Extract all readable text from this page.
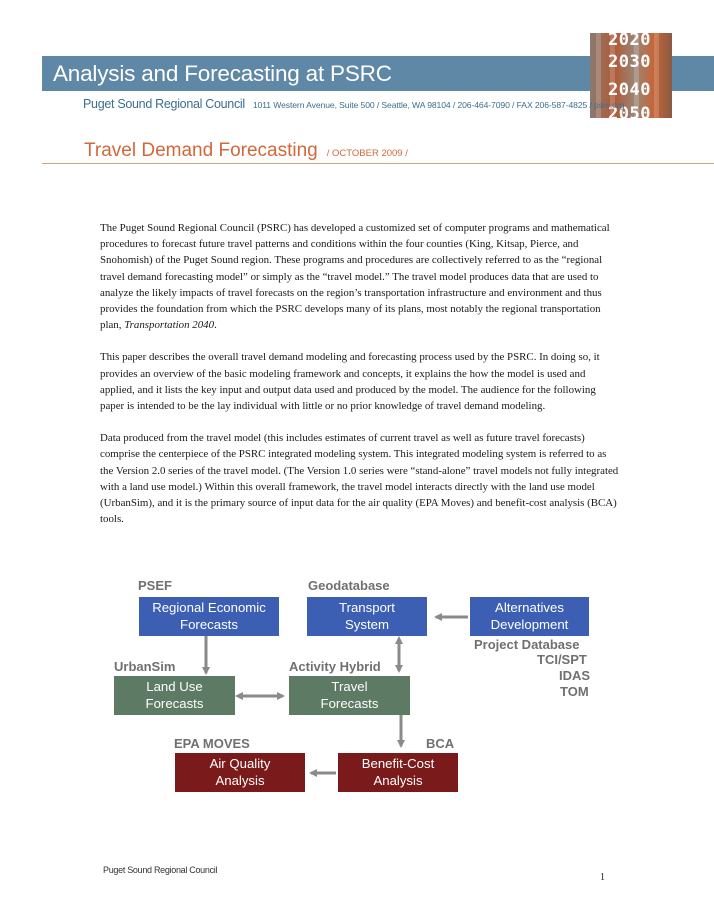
2020
2030
2040
2050
Analysis and Forecasting at PSRC
Puget Sound Regional Council 1011 Western Avenue, Suite 500 / Seattle, WA 98104 / 206-464-7090 / FAX 206-587-4825 / psrc.org
Travel Demand Forecasting / OCTOBER 2009 /

The Puget Sound Regional Council (PSRC) has developed a customized set of computer programs and mathematical procedures to forecast future travel patterns and conditions within the four counties (King, Kitsap, Pierce, and Snohomish) of the Puget Sound region. These programs and procedures are collectively referred to as the “regional travel demand forecasting model” or simply as the “travel model.” The travel model produces data that are used to analyze the likely impacts of travel forecasts on the region’s transportation infrastructure and environment and thus provides the foundation from which the PSRC develops many of its plans, most notably the regional transportation plan, Transportation 2040.

This paper describes the overall travel demand modeling and forecasting process used by the PSRC. In doing so, it provides an overview of the basic modeling framework and concepts, it explains the how the model is used and applied, and it lists the key input and output data used and produced by the model. The audience for the following paper is intended to be the lay individual with little or no prior knowledge of travel demand modeling.

Data produced from the travel model (this includes estimates of current travel as well as future travel forecasts) comprise the centerpiece of the PSRC integrated modeling system. This integrated modeling system is referred to as the Version 2.0 series of the travel model. (The Version 1.0 series were “stand-alone” travel models not fully integrated with a land use model.) Within this overall framework, the travel model interacts directly with the land use model (UrbanSim), and it is the primary source of input data for the air quality (EPA Moves) and benefit-cost analysis (BCA) tools.

PSEF	Geodatabase
UrbanSim	Activity Hybrid
EPA MOVES	BCA
Project Database
TCI/SPT
IDAS
TOM
Regional Economic
Forecasts
Transport
System
Alternatives
Development
Land Use
Forecasts
Travel
Forecasts
Air Quality
Analysis
Benefit-Cost
Analysis
Puget Sound Regional Council
1
